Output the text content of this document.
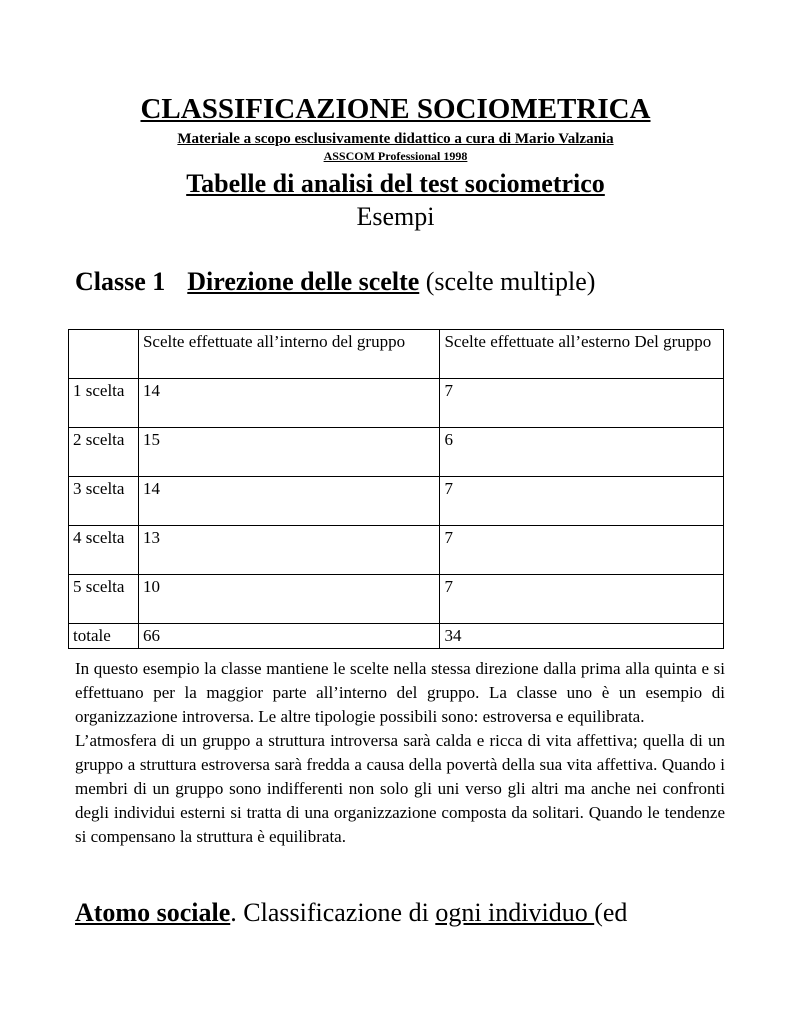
CLASSIFICAZIONE SOCIOMETRICA
Materiale a scopo esclusivamente didattico a cura di Mario Valzania
ASSCOM Professional 1998
Tabelle di analisi del test sociometrico
Esempi
Classe 1 Direzione delle scelte (scelte multiple)
	Scelte effettuate all’interno del gruppo	Scelte effettuate all’esterno Del gruppo
1 scelta	14	7
2 scelta	15	6
3 scelta	14	7
4 scelta	13	7
5 scelta	10	7
totale	66	34

In questo esempio la classe mantiene le scelte nella stessa direzione dalla prima alla quinta e si effettuano per la maggior parte all’interno del gruppo. La classe uno è un esempio di organizzazione introversa. Le altre tipologie possibili sono: estroversa e equilibrata.

L’atmosfera di un gruppo a struttura introversa sarà calda e ricca di vita affettiva; quella di un gruppo a struttura estroversa sarà fredda a causa della povertà della sua vita affettiva. Quando i membri di un gruppo sono indifferenti non solo gli uni verso gli altri ma anche nei confronti degli individui esterni si tratta di una organizzazione composta da solitari. Quando le tendenze si compensano la struttura è equilibrata.

Atomo sociale. Classificazione di ogni individuo (ed
